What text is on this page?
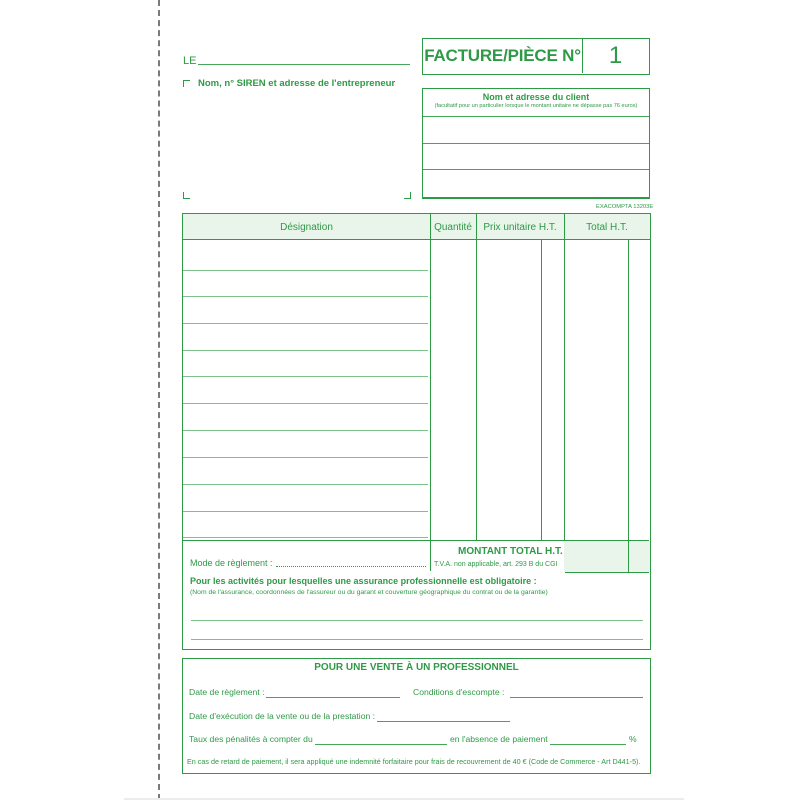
LE
Nom, n° SIREN et adresse de l'entrepreneur
FACTURE/PIÈCE N°	1
Nom et adresse du client
(facultatif pour un particulier lorsque le montant unitaire ne dépasse pas 76 euros)
EXACOMPTA 13203E
Désignation	Quantité	Prix unitaire H.T.	Total H.T.
Mode de règlement :
MONTANT TOTAL H.T.
T.V.A. non applicable, art. 293 B du CGI
Pour les activités pour lesquelles une assurance professionnelle est obligatoire :
(Nom de l'assurance, coordonnées de l'assureur ou du garant et couverture géographique du contrat ou de la garantie)
POUR UNE VENTE À UN PROFESSIONNEL
Date de règlement :	Conditions d'escompte :
Date d'exécution de la vente ou de la prestation :
Taux des pénalités à compter du	en l'absence de paiement	%
En cas de retard de paiement, il sera appliqué une indemnité forfaitaire pour frais de recouvrement de 40 € (Code de Commerce - Art D441-5).
